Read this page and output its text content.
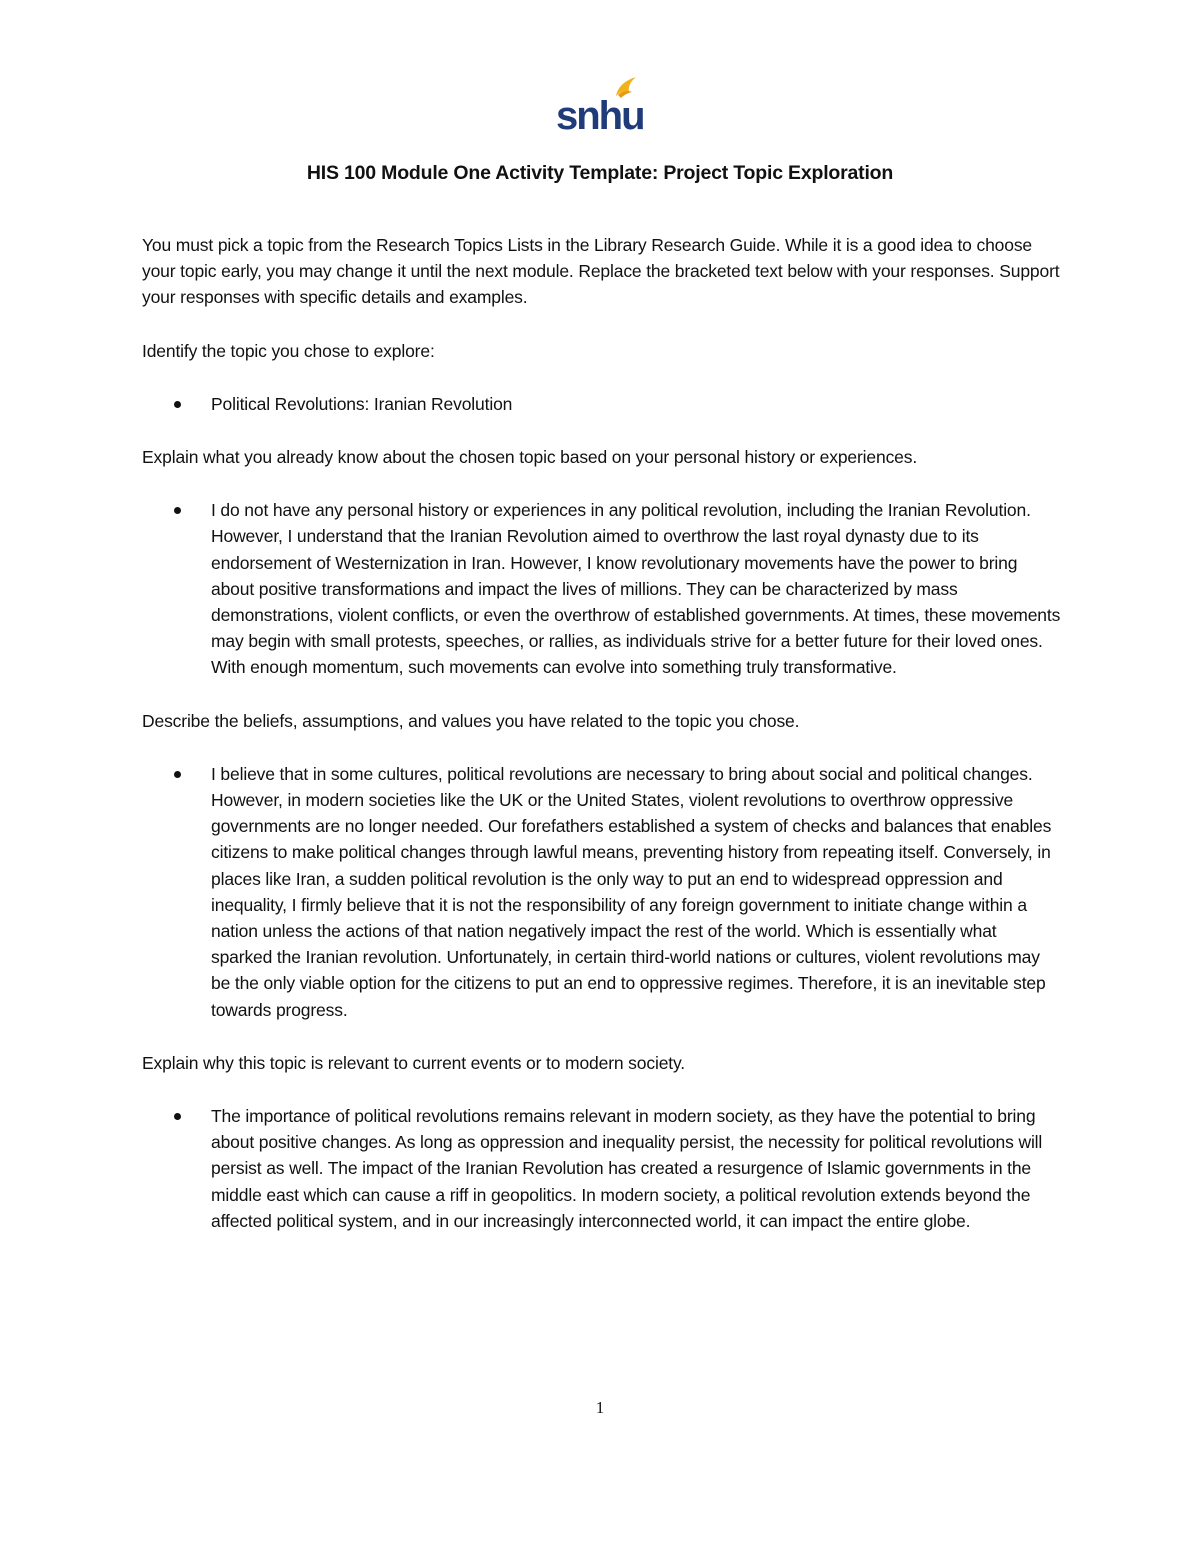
snhu
HIS 100 Module One Activity Template: Project Topic Exploration

You must pick a topic from the Research Topics Lists in the Library Research Guide. While it is a good idea to choose your topic early, you may change it until the next module. Replace the bracketed text below with your responses. Support your responses with specific details and examples.

Identify the topic you chose to explore:

Political Revolutions: Iranian Revolution

Explain what you already know about the chosen topic based on your personal history or experiences.

I do not have any personal history or experiences in any political revolution, including the Iranian Revolution. However, I understand that the Iranian Revolution aimed to overthrow the last royal dynasty due to its endorsement of Westernization in Iran. However, I know revolutionary movements have the power to bring about positive transformations and impact the lives of millions. They can be characterized by mass demonstrations, violent conflicts, or even the overthrow of established governments. At times, these movements may begin with small protests, speeches, or rallies, as individuals strive for a better future for their loved ones. With enough momentum, such movements can evolve into something truly transformative.

Describe the beliefs, assumptions, and values you have related to the topic you chose.

I believe that in some cultures, political revolutions are necessary to bring about social and political changes. However, in modern societies like the UK or the United States, violent revolutions to overthrow oppressive governments are no longer needed. Our forefathers established a system of checks and balances that enables citizens to make political changes through lawful means, preventing history from repeating itself. Conversely, in places like Iran, a sudden political revolution is the only way to put an end to widespread oppression and inequality, I firmly believe that it is not the responsibility of any foreign government to initiate change within a nation unless the actions of that nation negatively impact the rest of the world. Which is essentially what sparked the Iranian revolution. Unfortunately, in certain third-world nations or cultures, violent revolutions may be the only viable option for the citizens to put an end to oppressive regimes. Therefore, it is an inevitable step towards progress.

Explain why this topic is relevant to current events or to modern society.

The importance of political revolutions remains relevant in modern society, as they have the potential to bring about positive changes. As long as oppression and inequality persist, the necessity for political revolutions will persist as well. The impact of the Iranian Revolution has created a resurgence of Islamic governments in the middle east which can cause a riff in geopolitics. In modern society, a political revolution extends beyond the affected political system, and in our increasingly interconnected world, it can impact the entire globe.
1
